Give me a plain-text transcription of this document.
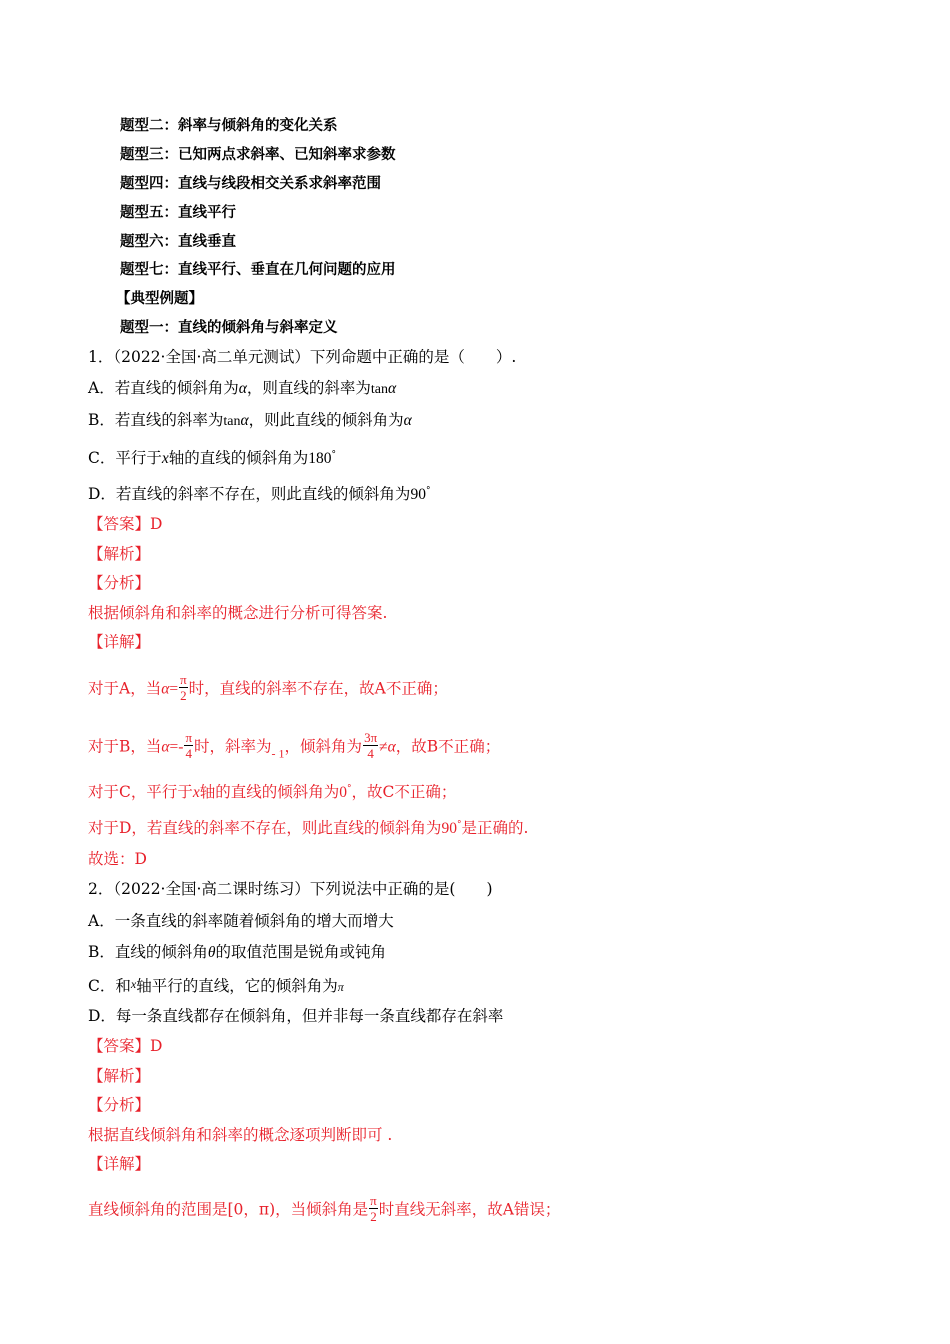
题型二：斜率与倾斜角的变化关系
题型三：已知两点求斜率、已知斜率求参数
题型四：直线与线段相交关系求斜率范围
题型五：直线平行
题型六：直线垂直
题型七：直线平行、垂直在几何问题的应用
【典型例题】
题型一：直线的倾斜角与斜率定义
1．（2022·全国·高二单元测试）下列命题中正确的是（　　）.
A．若直线的倾斜角为α，则直线的斜率为tanα
B．若直线的斜率为tanα，则此直线的倾斜角为α
C．平行于x轴的直线的倾斜角为180°
D．若直线的斜率不存在，则此直线的倾斜角为90°
【答案】D
【解析】
【分析】
根据倾斜角和斜率的概念进行分析可得答案.
【详解】
对于A，当$\alpha= \frac{\pi}{2}$ 时，直线的斜率不存在，故A不正确；
对于B，当$\alpha=- \frac{\pi}{4}$ 时，斜率为$_{- 1}$，倾斜角为 $\frac{3\pi}{4} \ne\alpha$，故B不正确；
对于C，平行于x轴的直线的倾斜角为0°，故C不正确；
对于D，若直线的斜率不存在，则此直线的倾斜角为90°是正确的.
故选：D
2．（2022·全国·高二课时练习）下列说法中正确的是(　　)
A．一条直线的斜率随着倾斜角的增大而增大
B．直线的倾斜角θ的取值范围是锐角或钝角
C．和x轴平行的直线，它的倾斜角为π
D．每一条直线都存在倾斜角，但并非每一条直线都存在斜率
【答案】D
【解析】
【分析】
根据直线倾斜角和斜率的概念逐项判断即可 .
【详解】
直线倾斜角的范围是[0，π)，当倾斜角是 $\frac{\pi}{2}$ 时直线无斜率，故A错误；
